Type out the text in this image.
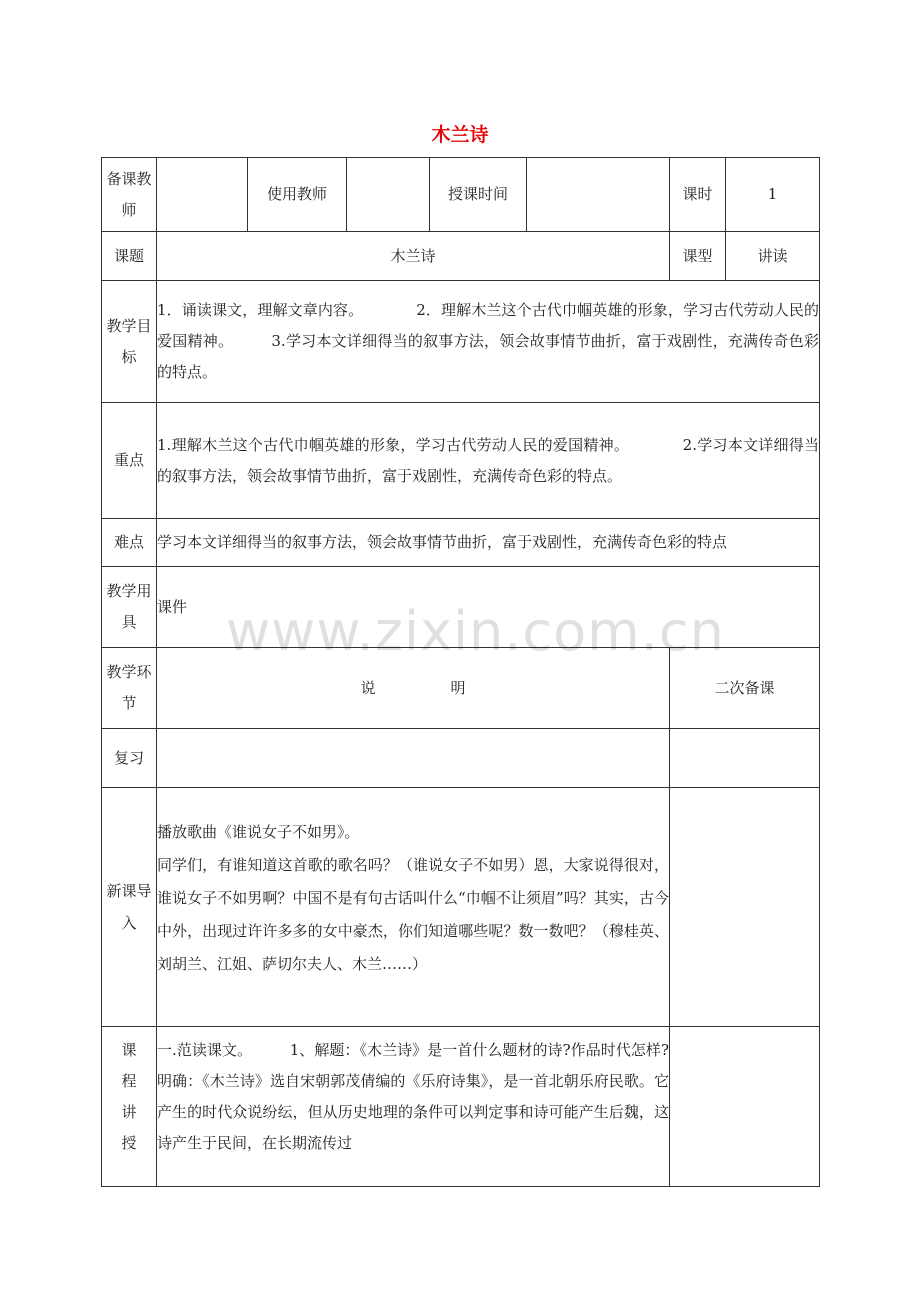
木兰诗
备课教师		使用教师		授课时间		课时	1
课题	木兰诗					课型	讲读
教学目标	1．诵读课文，理解文章内容。　　　　2．理解木兰这个古代巾帼英雄的形象，学习古代劳动人民的爱国精神。　　　3.学习本文详细得当的叙事方法，领会故事情节曲折，富于戏剧性，充满传奇色彩的特点。						
重点	1.理解木兰这个古代巾帼英雄的形象，学习古代劳动人民的爱国精神。　　　　2.学习本文详细得当的叙事方法，领会故事情节曲折，富于戏剧性，充满传奇色彩的特点。						
难点	学习本文详细得当的叙事方法，领会故事情节曲折，富于戏剧性，充满传奇色彩的特点						
教学用具	课件						
教学环节	说　　　　　明					二次备课	
复习							
新课导入	播放歌曲《谁说女子不如男》。
同学们，有谁知道这首歌的歌名吗？（谁说女子不如男）恩，大家说得很对，谁说女子不如男啊？中国不是有句古话叫什么“巾帼不让须眉”吗？其实，古今中外，出现过许许多多的女中豪杰，你们知道哪些呢？数一数吧？（穆桂英、刘胡兰、江姐、萨切尔夫人、木兰……）						

课程讲授	一.范读课文。　　　1、解题：《木兰诗》是一首什么题材的诗?作品时代怎样?　　　　明确：《木兰诗》选自宋朝郭茂倩编的《乐府诗集》，是一首北朝乐府民歌。它产生的时代众说纷纭，但从历史地理的条件可以判定事和诗可能产生后魏，这诗产生于民间，在长期流传过						
www.zixin.com.cn
